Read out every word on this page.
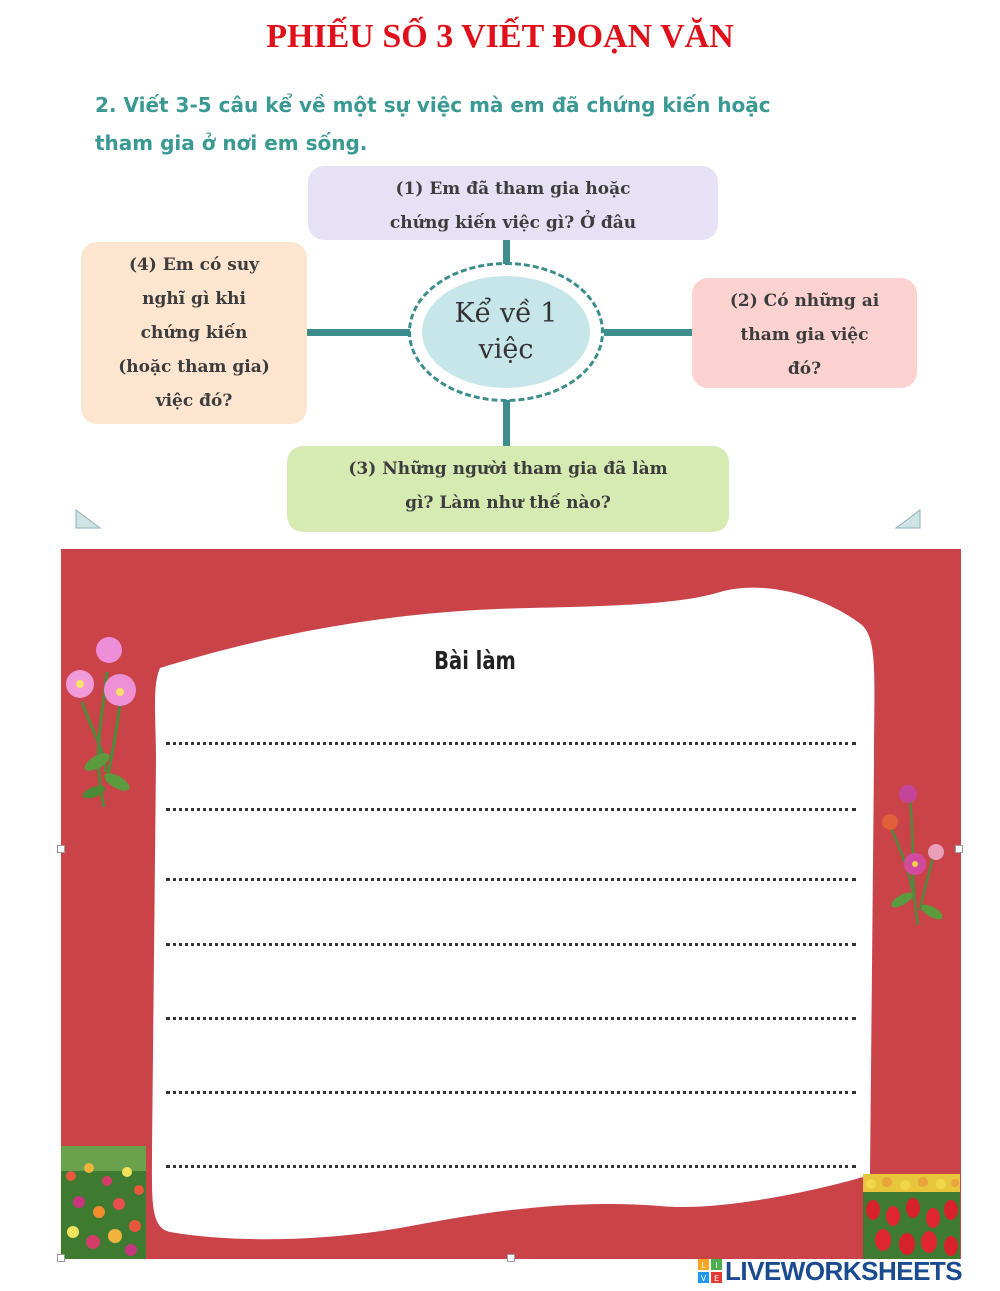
PHIẾU SỐ 3 VIẾT ĐOẠN VĂN
2. Viết 3-5 câu kể về một sự việc mà em đã chứng kiến hoặc
tham gia ở nơi em sống.
(1) Em đã tham gia hoặc
chứng kiến việc gì? Ở đâu
(2) Có những ai
tham gia việc
đó?
(3) Những người tham gia đã làm
gì? Làm như thế nào?
(4) Em có suy
nghĩ gì khi
chứng kiến
(hoặc tham gia)
việc đó?
Kể về 1
việc
Bài làm
L I
V E LIVEWORKSHEETS
